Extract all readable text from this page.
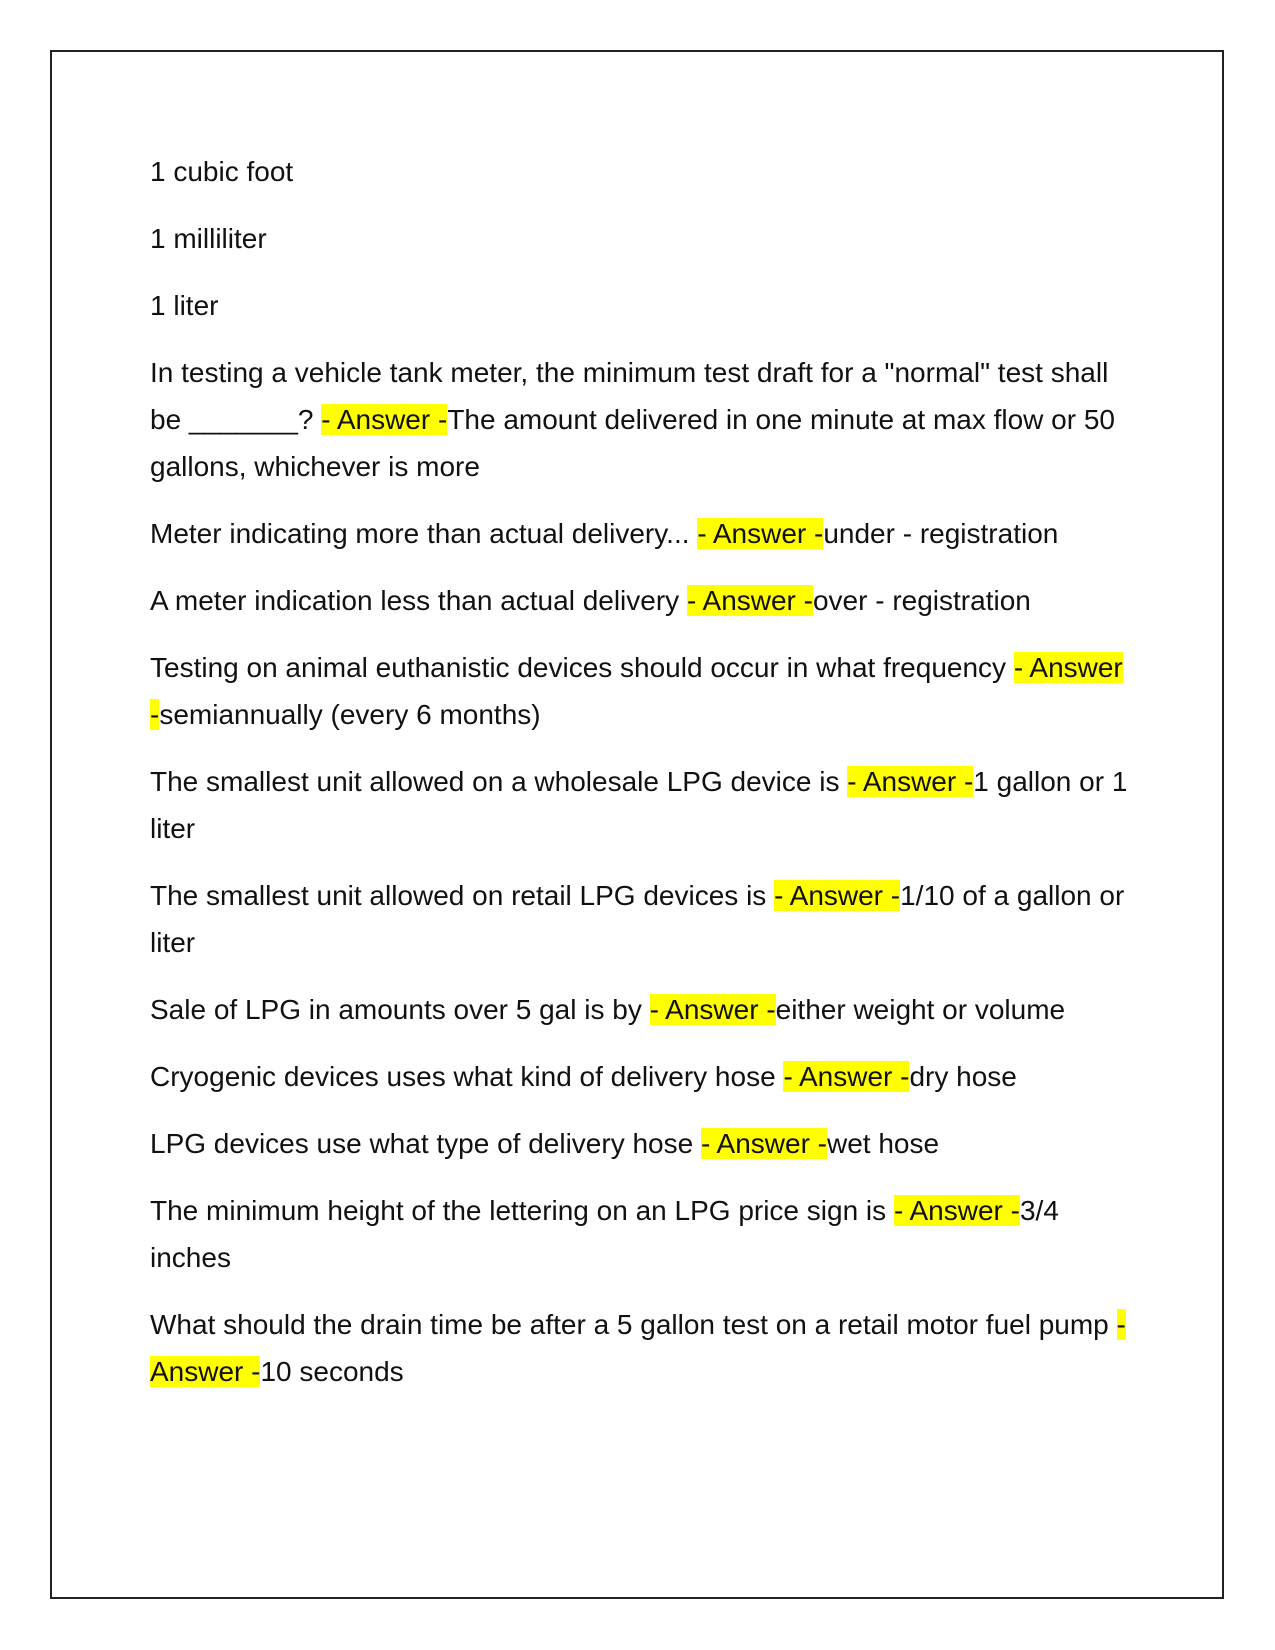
1 cubic foot

1 milliliter

1 liter

In testing a vehicle tank meter, the minimum test draft for a "normal" test shall be _______? - Answer -The amount delivered in one minute at max flow or 50 gallons, whichever is more

Meter indicating more than actual delivery... - Answer -under - registration

A meter indication less than actual delivery - Answer -over - registration

Testing on animal euthanistic devices should occur in what frequency - Answer -semiannually (every 6 months)

The smallest unit allowed on a wholesale LPG device is - Answer -1 gallon or 1 liter

The smallest unit allowed on retail LPG devices is - Answer -1/10 of a gallon or liter

Sale of LPG in amounts over 5 gal is by - Answer -either weight or volume

Cryogenic devices uses what kind of delivery hose - Answer -dry hose

LPG devices use what type of delivery hose - Answer -wet hose

The minimum height of the lettering on an LPG price sign is - Answer -3/4 inches

What should the drain time be after a 5 gallon test on a retail motor fuel pump - Answer -10 seconds
